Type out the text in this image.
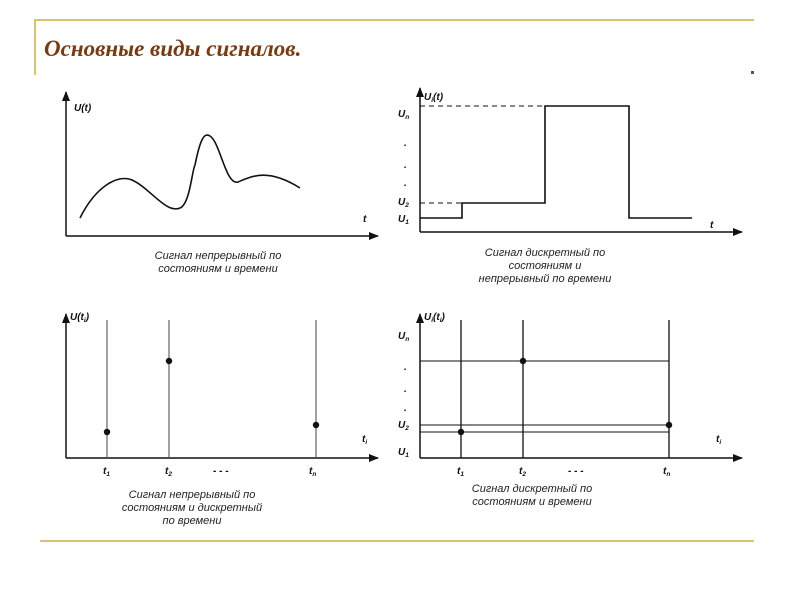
Основные виды сигналов.
U(t)
t
Сигнал непрерывный по
состояниям и времени
$U_i(t)$
t
$U_n$
.
.
.
$U_2$
$U_1$
Сигнал дискретный по
состояниям и
непрерывный по времени
$U(t_i)$
$t_i$
$t_1$	$t_2$	$t_n$
- - -
Сигнал непрерывный по
состояниям и дискретный
по времени
$U_i(t_i)$
$t_i$
$U_n$
.
.
.
$U_2$
$U_1$
$t_1$	$t_2$	$t_n$
- - -
Сигнал дискретный по
состояниям и времени
